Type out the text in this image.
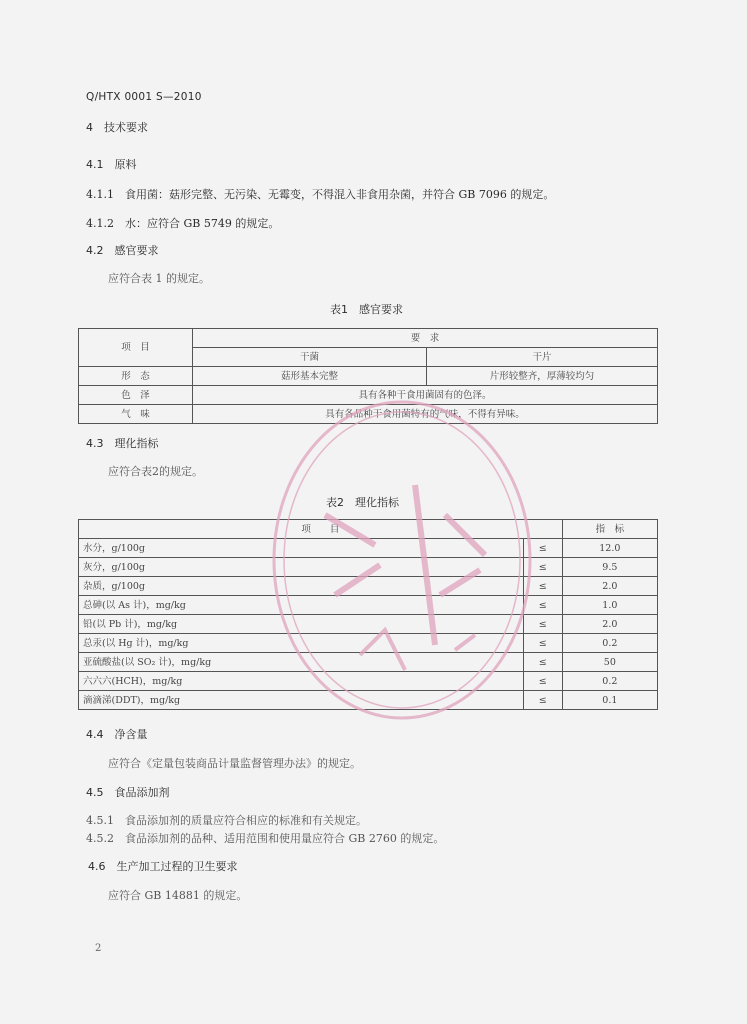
Q/HTX 0001 S—2010
4　技术要求
4.1　原料
4.1.1　食用菌：菇形完整、无污染、无霉变，不得混入非食用杂菌，并符合 GB 7096 的规定。
4.1.2　水：应符合 GB 5749 的规定。
4.2　感官要求
应符合表 1 的规定。
表1　感官要求
项　目	要　求	
	干菌	干片
形　态	菇形基本完整	片形较整齐，厚薄较均匀
色　泽	具有各种干食用菌固有的色泽。	
气　味	具有各品种干食用菌特有的气味，不得有异味。	
4.3　理化指标
应符合表2的规定。
表2　理化指标
项　　目		指　标
水分，g/100g	≤	12.0
灰分，g/100g	≤	9.5
杂质，g/100g	≤	2.0
总砷(以 As 计)，mg/kg	≤	1.0
铅(以 Pb 计)，mg/kg	≤	2.0
总汞(以 Hg 计)，mg/kg	≤	0.2
亚硫酸盐(以 SO₂ 计)，mg/kg	≤	50
六六六(HCH)，mg/kg	≤	0.2
滴滴涕(DDT)，mg/kg	≤	0.1
4.4　净含量
应符合《定量包装商品计量监督管理办法》的规定。
4.5　食品添加剂
4.5.1　食品添加剂的质量应符合相应的标准和有关规定。
4.5.2　食品添加剂的品种、适用范围和使用量应符合 GB 2760 的规定。
4.6　生产加工过程的卫生要求
应符合 GB 14881 的规定。
2
